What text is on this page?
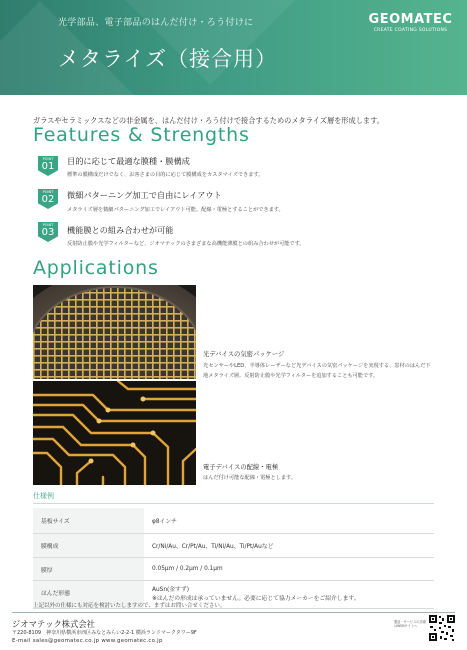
光学部品、電子部品のはんだ付け・ろう付けに
メタライズ（接合用）
GEOMATEC
CREATE COATING SOLUTIONS
ガラスやセラミックスなどの非金属を、はんだ付け・ろう付けで接合するためのメタライズ層を形成します。
Features & Strengths
POINT
01	目的に応じて最適な膜種・膜構成
標準の膜構成だけでなく、お客さまの目的に応じて膜構成をカスタマイズできます。
POINT
02	微細パターニング加工で自由にレイアウト
メタライズ層を微細パターニング加工でレイアウト可能。配線・電極とすることができます。
POINT
03	機能膜との組み合わせが可能
反射防止膜や光学フィルターなど、ジオマテックのさまざまな高機能薄膜との組み合わせが可能です。
Applications
光デバイスの気密パッケージ
光センサーやLED、半導体レーザーなど光デバイスの気密パッケージを実現する、窓材のはんだ下地メタライズ層。反射防止膜や光学フィルターを追加することも可能です。
電子デバイスの配線・電極
はんだ付け可能な配線・電極とします。
仕様例
基板サイズ	φ8インチ
膜構成	Cr/Ni/Au、Cr/Pt/Au、Ti/Ni/Au、Ti/Pt/Auなど
膜厚	0.05μm / 0.2μm / 0.1μm
はんだ形態	AuSn(金すず)
※はんだの形成は承っていません。必要に応じて協力メーカーをご紹介します。
上記以外の仕様にも対応を検討いたしますので、まずはお問い合せください。
ジオマテック株式会社
〒220-8109　神奈川県横浜市西区みなとみらい2-2-1 横浜ランドマークタワー9F
E-mail sales@geomatec.co.jp www.geomatec.co.jp
製品・サービスの詳細はWEBサイトへ
